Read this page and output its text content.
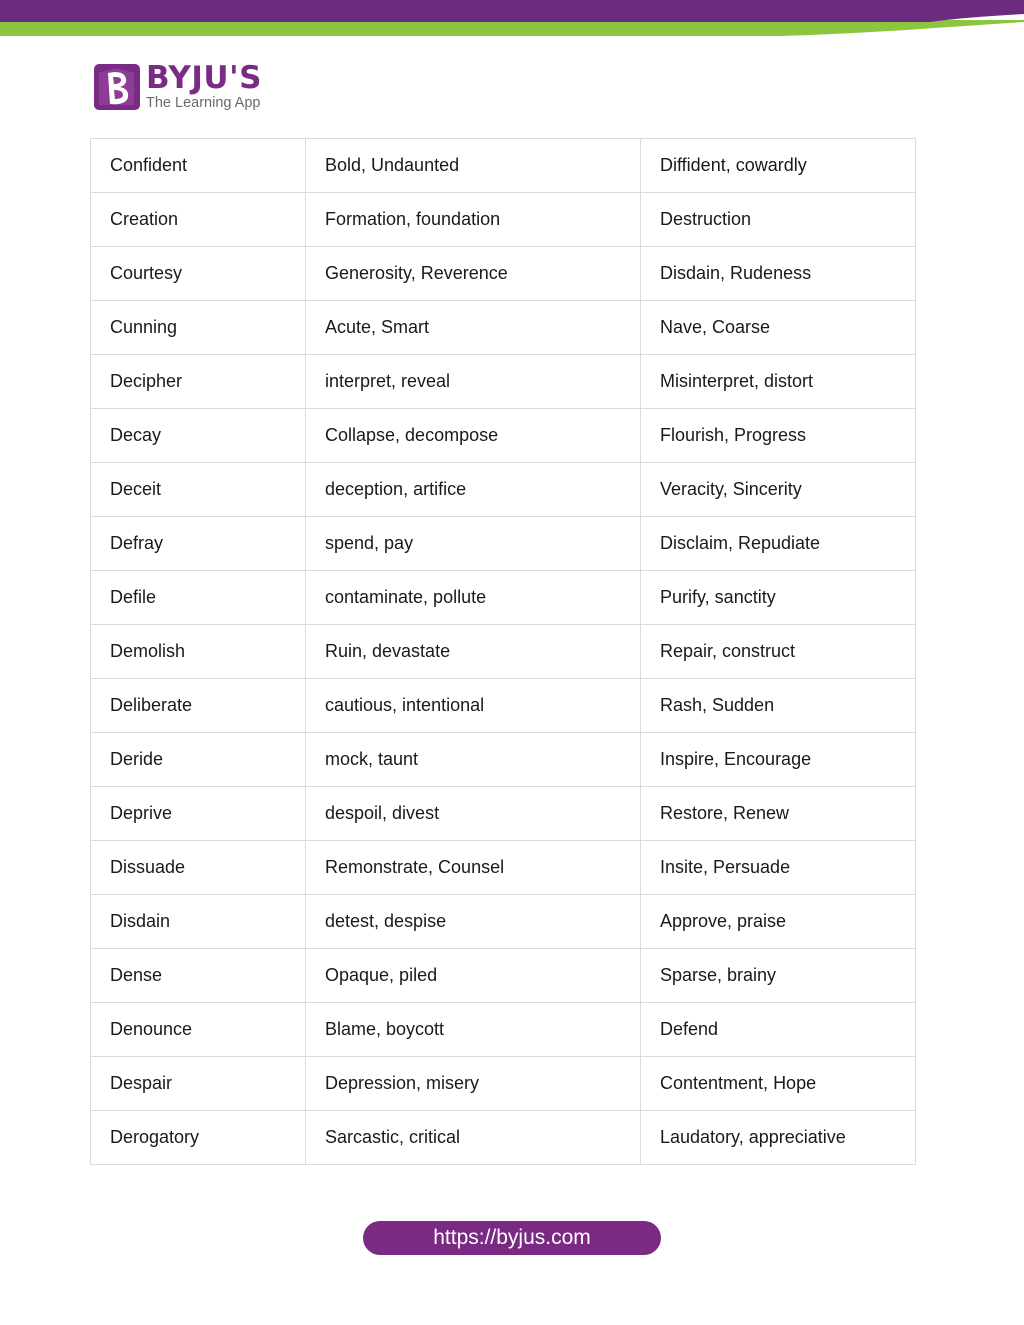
BYJU'S
The Learning App
Confident	Bold, Undaunted	Diffident, cowardly
Creation	Formation, foundation	Destruction
Courtesy	Generosity, Reverence	Disdain, Rudeness
Cunning	Acute, Smart	Nave, Coarse
Decipher	interpret, reveal	Misinterpret, distort
Decay	Collapse, decompose	Flourish, Progress
Deceit	deception, artifice	Veracity, Sincerity
Defray	spend, pay	Disclaim, Repudiate
Defile	contaminate, pollute	Purify, sanctity
Demolish	Ruin, devastate	Repair, construct
Deliberate	cautious, intentional	Rash, Sudden
Deride	mock, taunt	Inspire, Encourage
Deprive	despoil, divest	Restore, Renew
Dissuade	Remonstrate, Counsel	Insite, Persuade
Disdain	detest, despise	Approve, praise
Dense	Opaque, piled	Sparse, brainy
Denounce	Blame, boycott	Defend
Despair	Depression, misery	Contentment, Hope
Derogatory	Sarcastic, critical	Laudatory, appreciative
https://byjus.com
